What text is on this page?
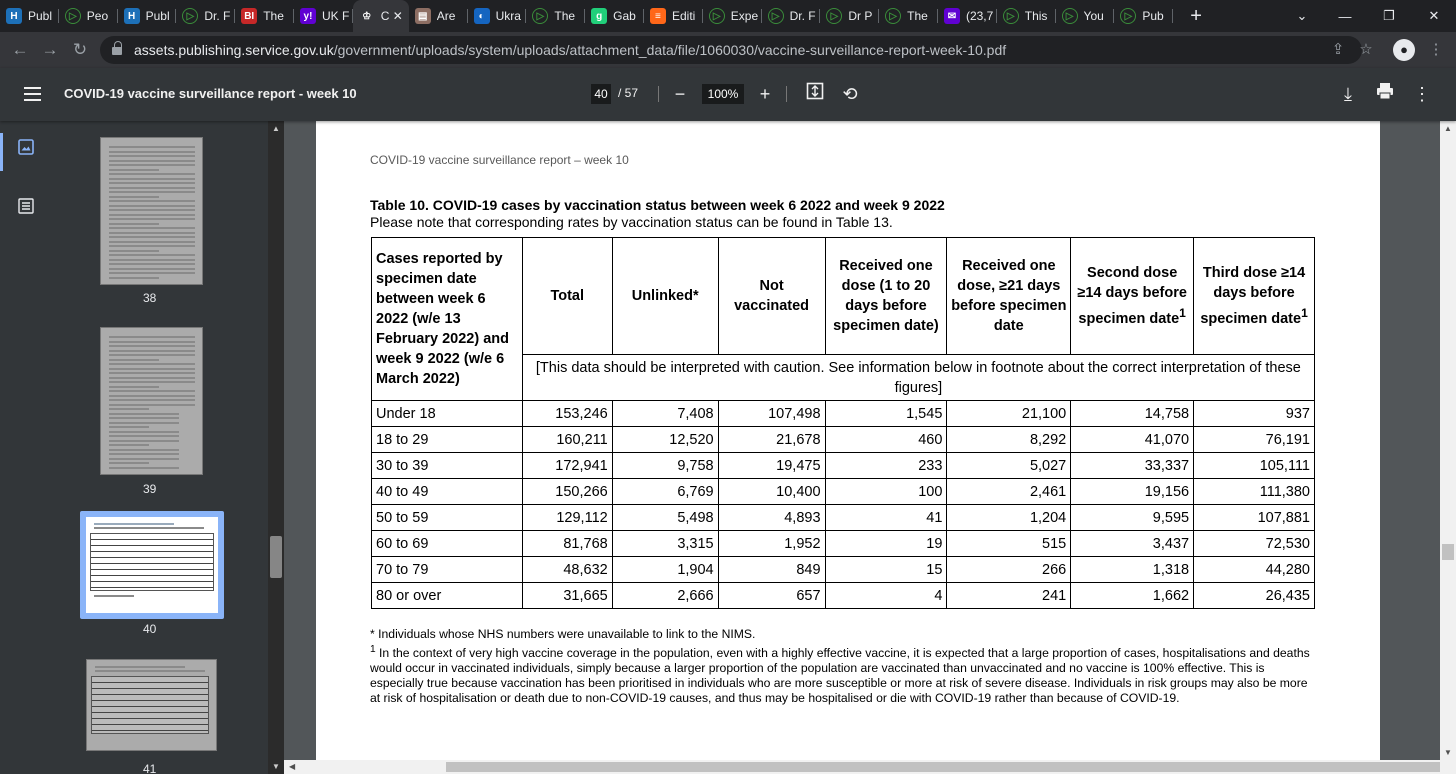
H Publ	▷ Peo	H Publ	▷ Dr. F	BI The	y! UK F	♔ C ✕	▤ Are	◐ Ukra	▷ The	g Gab	≡ Editi	▷ Expe	▷ Dr. F	▷ Dr P	▷ The	✉ (23,7	▷ This	▷ You	▷ Pub	+	⌄	—	❐	✕
← → ↻	assets.publishing.service.gov.uk/government/uploads/system/uploads/attachment_data/file/1060030/vaccine-surveillance-report-week-10.pdf	⇪ ☆	●	⋮
COVID-19 vaccine surveillance report - week 10	40 / 57	−	100%	+	⟲	⤓	⋮
38
39
40
41
▲
▼
COVID-19 vaccine surveillance report – week 10
Table 10. COVID-19 cases by vaccination status between week 6 2022 and week 9 2022
Please note that corresponding rates by vaccination status can be found in Table 13.
Cases reported by specimen date between week 6 2022 (w/e 13 February 2022) and week 9 2022 (w/e 6 March 2022)	Total	Unlinked*	Not vaccinated	Received one dose (1 to 20 days before specimen date)	Received one dose, ≥21 days before specimen date	Second dose ≥14 days before specimen date$^1$	Third dose ≥14 days before specimen date$^1$
	[This data should be interpreted with caution. See information below in footnote about the correct interpretation of these figures]						
Under 18	153,246	7,408	107,498	1,545	21,100	14,758	937
18 to 29	160,211	12,520	21,678	460	8,292	41,070	76,191
30 to 39	172,941	9,758	19,475	233	5,027	33,337	105,111
40 to 49	150,266	6,769	10,400	100	2,461	19,156	111,380
50 to 59	129,112	5,498	4,893	41	1,204	9,595	107,881
60 to 69	81,768	3,315	1,952	19	515	3,437	72,530
70 to 79	48,632	1,904	849	15	266	1,318	44,280
80 or over	31,665	2,666	657	4	241	1,662	26,435

* Individuals whose NHS numbers were unavailable to link to the NIMS.

$^1$ In the context of very high vaccine coverage in the population, even with a highly effective vaccine, it is expected that a large proportion of cases, hospitalisations and deaths would occur in vaccinated individuals, simply because a larger proportion of the population are vaccinated than unvaccinated and no vaccine is 100% effective. This is especially true because vaccination has been prioritised in individuals who are more susceptible or more at risk of severe disease. Individuals in risk groups may also be more at risk of hospitalisation or death due to non-COVID-19 causes, and thus may be hospitalised or die with COVID-19 rather than because of COVID-19.

▲
▼
◀
